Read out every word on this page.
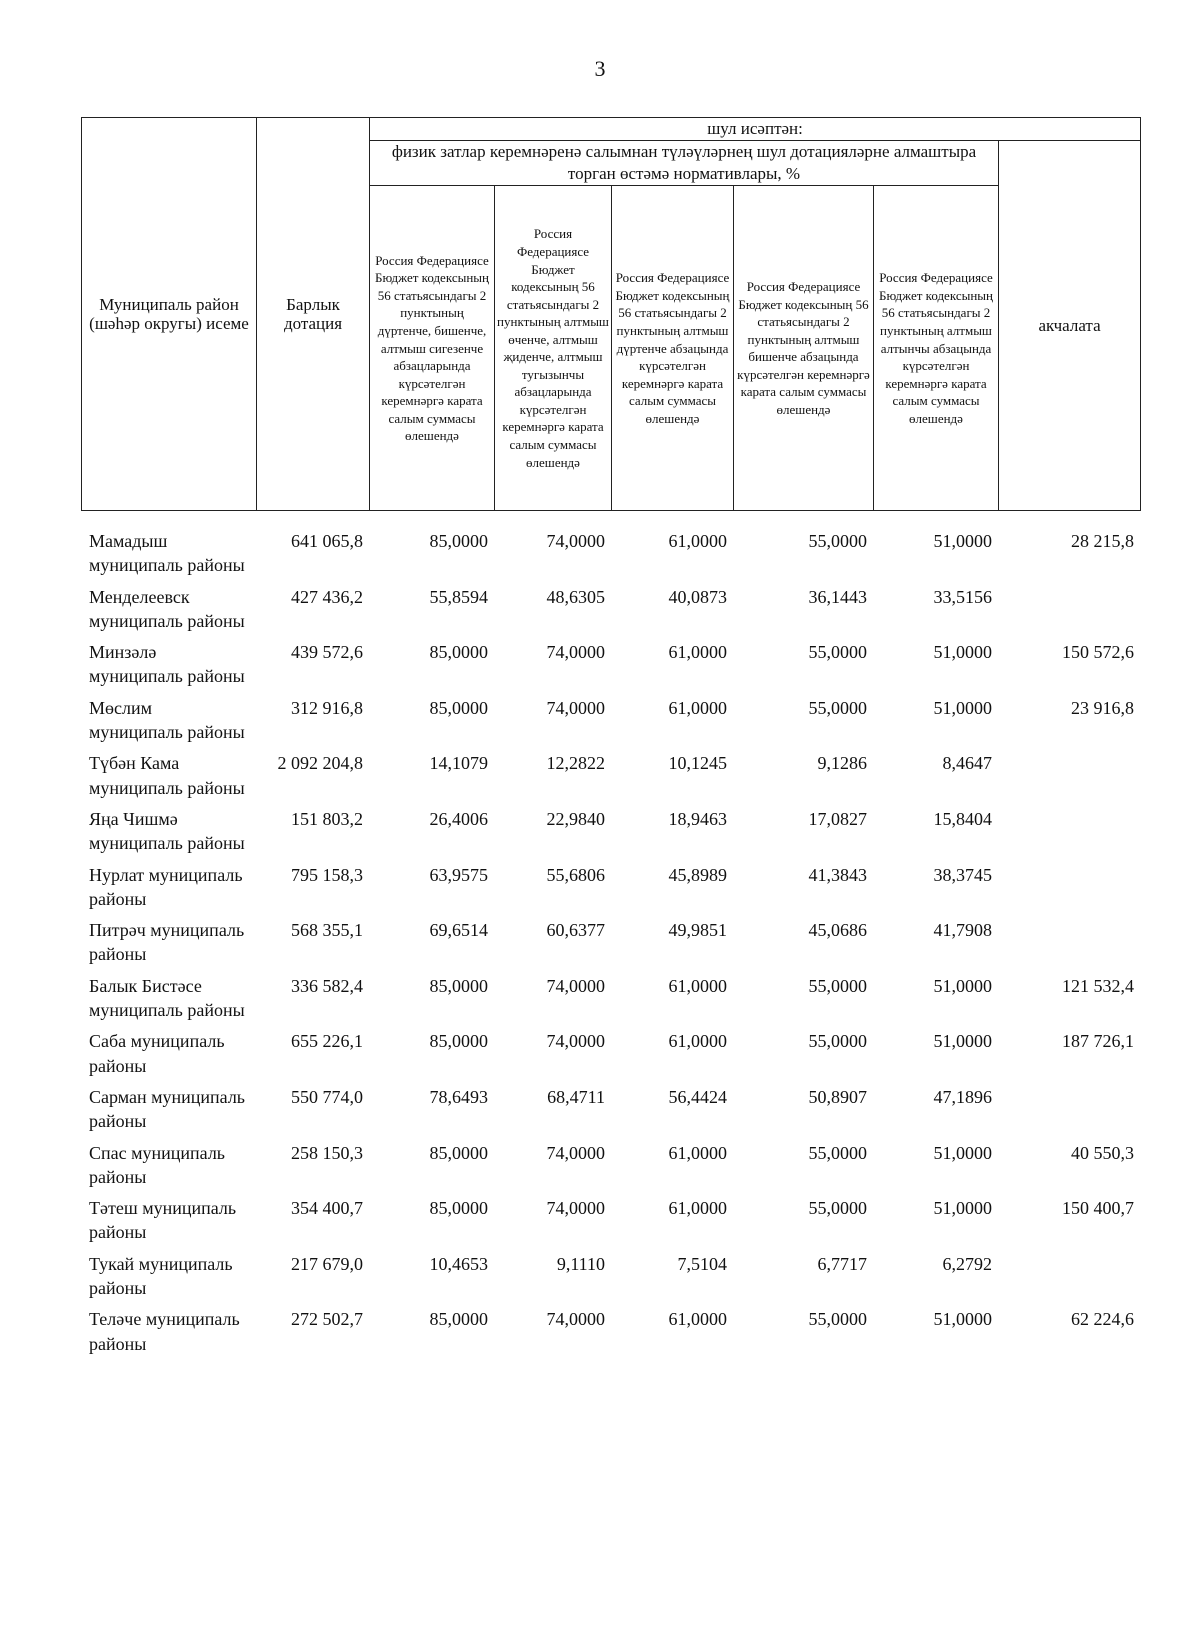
3
Муниципаль район (шәһәр округы) исеме	Барлык дотация	шул исәптән:					
		физик затлар керемнәренә салымнан түләүләрнең шул дотацияләрне алмаштыра торган өстәмә нормативлары, %					акчалата
		Россия Федерациясе Бюджет кодексының 56 статьясындагы 2 пунктының дүртенче, бишенче, алтмыш сигезенче абзацларында күрсәтелгән керемнәргә карата салым суммасы өлешендә	Россия Федерациясе Бюджет кодексының 56 статьясындагы 2 пунктының алтмыш өченче, алтмыш җиденче, алтмыш тугызынчы абзацларында күрсәтелгән керемнәргә карата салым суммасы өлешендә	Россия Федерациясе Бюджет кодексының 56 статьясындагы 2 пунктының алтмыш дүртенче абзацында күрсәтелгән керемнәргә карата салым суммасы өлешендә	Россия Федерациясе Бюджет кодексының 56 статьясындагы 2 пунктының алтмыш бишенче абзацында күрсәтелгән керемнәргә карата салым суммасы өлешендә	Россия Федерациясе Бюджет кодексының 56 статьясындагы 2 пунктының алтмыш алтынчы абзацында күрсәтелгән керемнәргә карата салым суммасы өлешендә	
Мамадыш муниципаль районы	641 065,8	85,0000	74,0000	61,0000	55,0000	51,0000	28 215,8
Менделеевск муниципаль районы	427 436,2	55,8594	48,6305	40,0873	36,1443	33,5156	
Минзәлә муниципаль районы	439 572,6	85,0000	74,0000	61,0000	55,0000	51,0000	150 572,6
Мөслим муниципаль районы	312 916,8	85,0000	74,0000	61,0000	55,0000	51,0000	23 916,8
Түбән Кама муниципаль районы	2 092 204,8	14,1079	12,2822	10,1245	9,1286	8,4647	
Яңа Чишмә муниципаль районы	151 803,2	26,4006	22,9840	18,9463	17,0827	15,8404	
Нурлат муниципаль районы	795 158,3	63,9575	55,6806	45,8989	41,3843	38,3745	
Питрәч муниципаль районы	568 355,1	69,6514	60,6377	49,9851	45,0686	41,7908	
Балык Бистәсе муниципаль районы	336 582,4	85,0000	74,0000	61,0000	55,0000	51,0000	121 532,4
Саба муниципаль районы	655 226,1	85,0000	74,0000	61,0000	55,0000	51,0000	187 726,1
Сарман муниципаль районы	550 774,0	78,6493	68,4711	56,4424	50,8907	47,1896	
Спас муниципаль районы	258 150,3	85,0000	74,0000	61,0000	55,0000	51,0000	40 550,3
Тәтеш муниципаль районы	354 400,7	85,0000	74,0000	61,0000	55,0000	51,0000	150 400,7
Тукай муниципаль районы	217 679,0	10,4653	9,1110	7,5104	6,7717	6,2792	
Теләче муниципаль районы	272 502,7	85,0000	74,0000	61,0000	55,0000	51,0000	62 224,6
